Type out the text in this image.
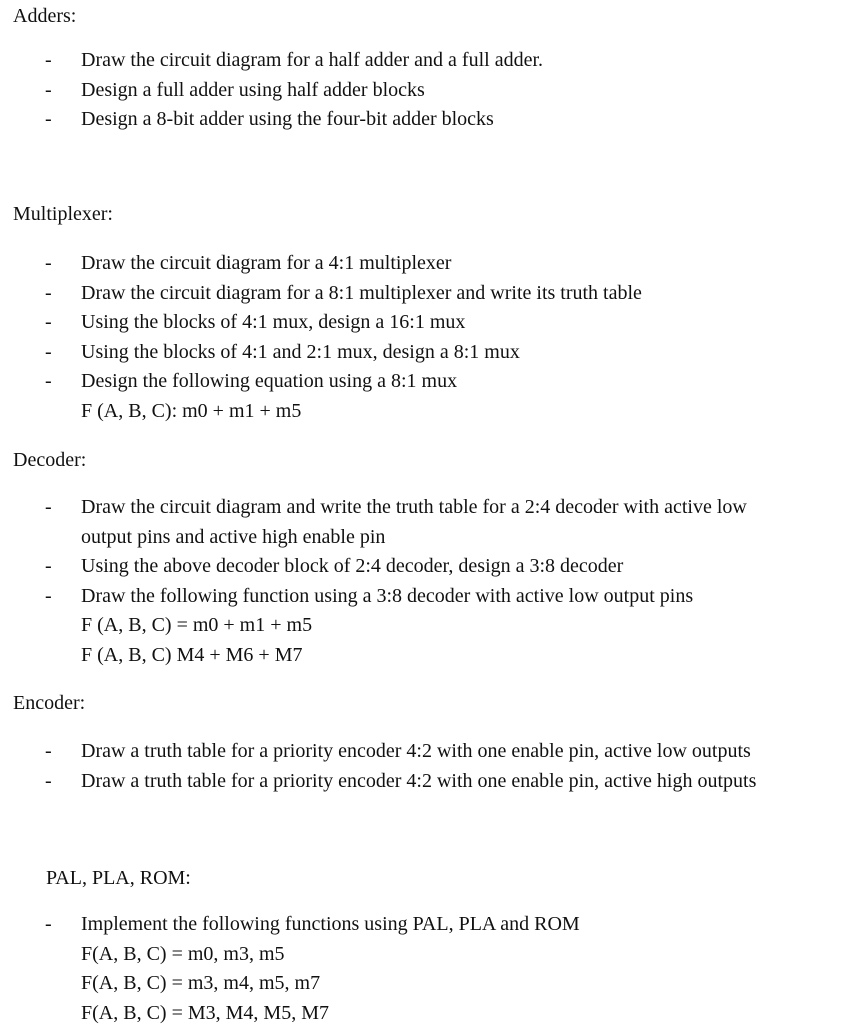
Adders:
- Draw the circuit diagram for a half adder and a full adder.
- Design a full adder using half adder blocks
- Design a 8-bit adder using the four-bit adder blocks
Multiplexer:
- Draw the circuit diagram for a 4:1 multiplexer
- Draw the circuit diagram for a 8:1 multiplexer and write its truth table
- Using the blocks of 4:1 mux, design a 16:1 mux
- Using the blocks of 4:1 and 2:1 mux, design a 8:1 mux
- Design the following equation using a 8:1 mux
F (A, B, C): m0 + m1 + m5
Decoder:
- Draw the circuit diagram and write the truth table for a 2:4 decoder with active low
output pins and active high enable pin
- Using the above decoder block of 2:4 decoder, design a 3:8 decoder
- Draw the following function using a 3:8 decoder with active low output pins
F (A, B, C) = m0 + m1 + m5
F (A, B, C) M4 + M6 + M7
Encoder:
- Draw a truth table for a priority encoder 4:2 with one enable pin, active low outputs
- Draw a truth table for a priority encoder 4:2 with one enable pin, active high outputs
PAL, PLA, ROM:
- Implement the following functions using PAL, PLA and ROM
F(A, B, C) = m0, m3, m5
F(A, B, C) = m3, m4, m5, m7
F(A, B, C) = M3, M4, M5, M7
